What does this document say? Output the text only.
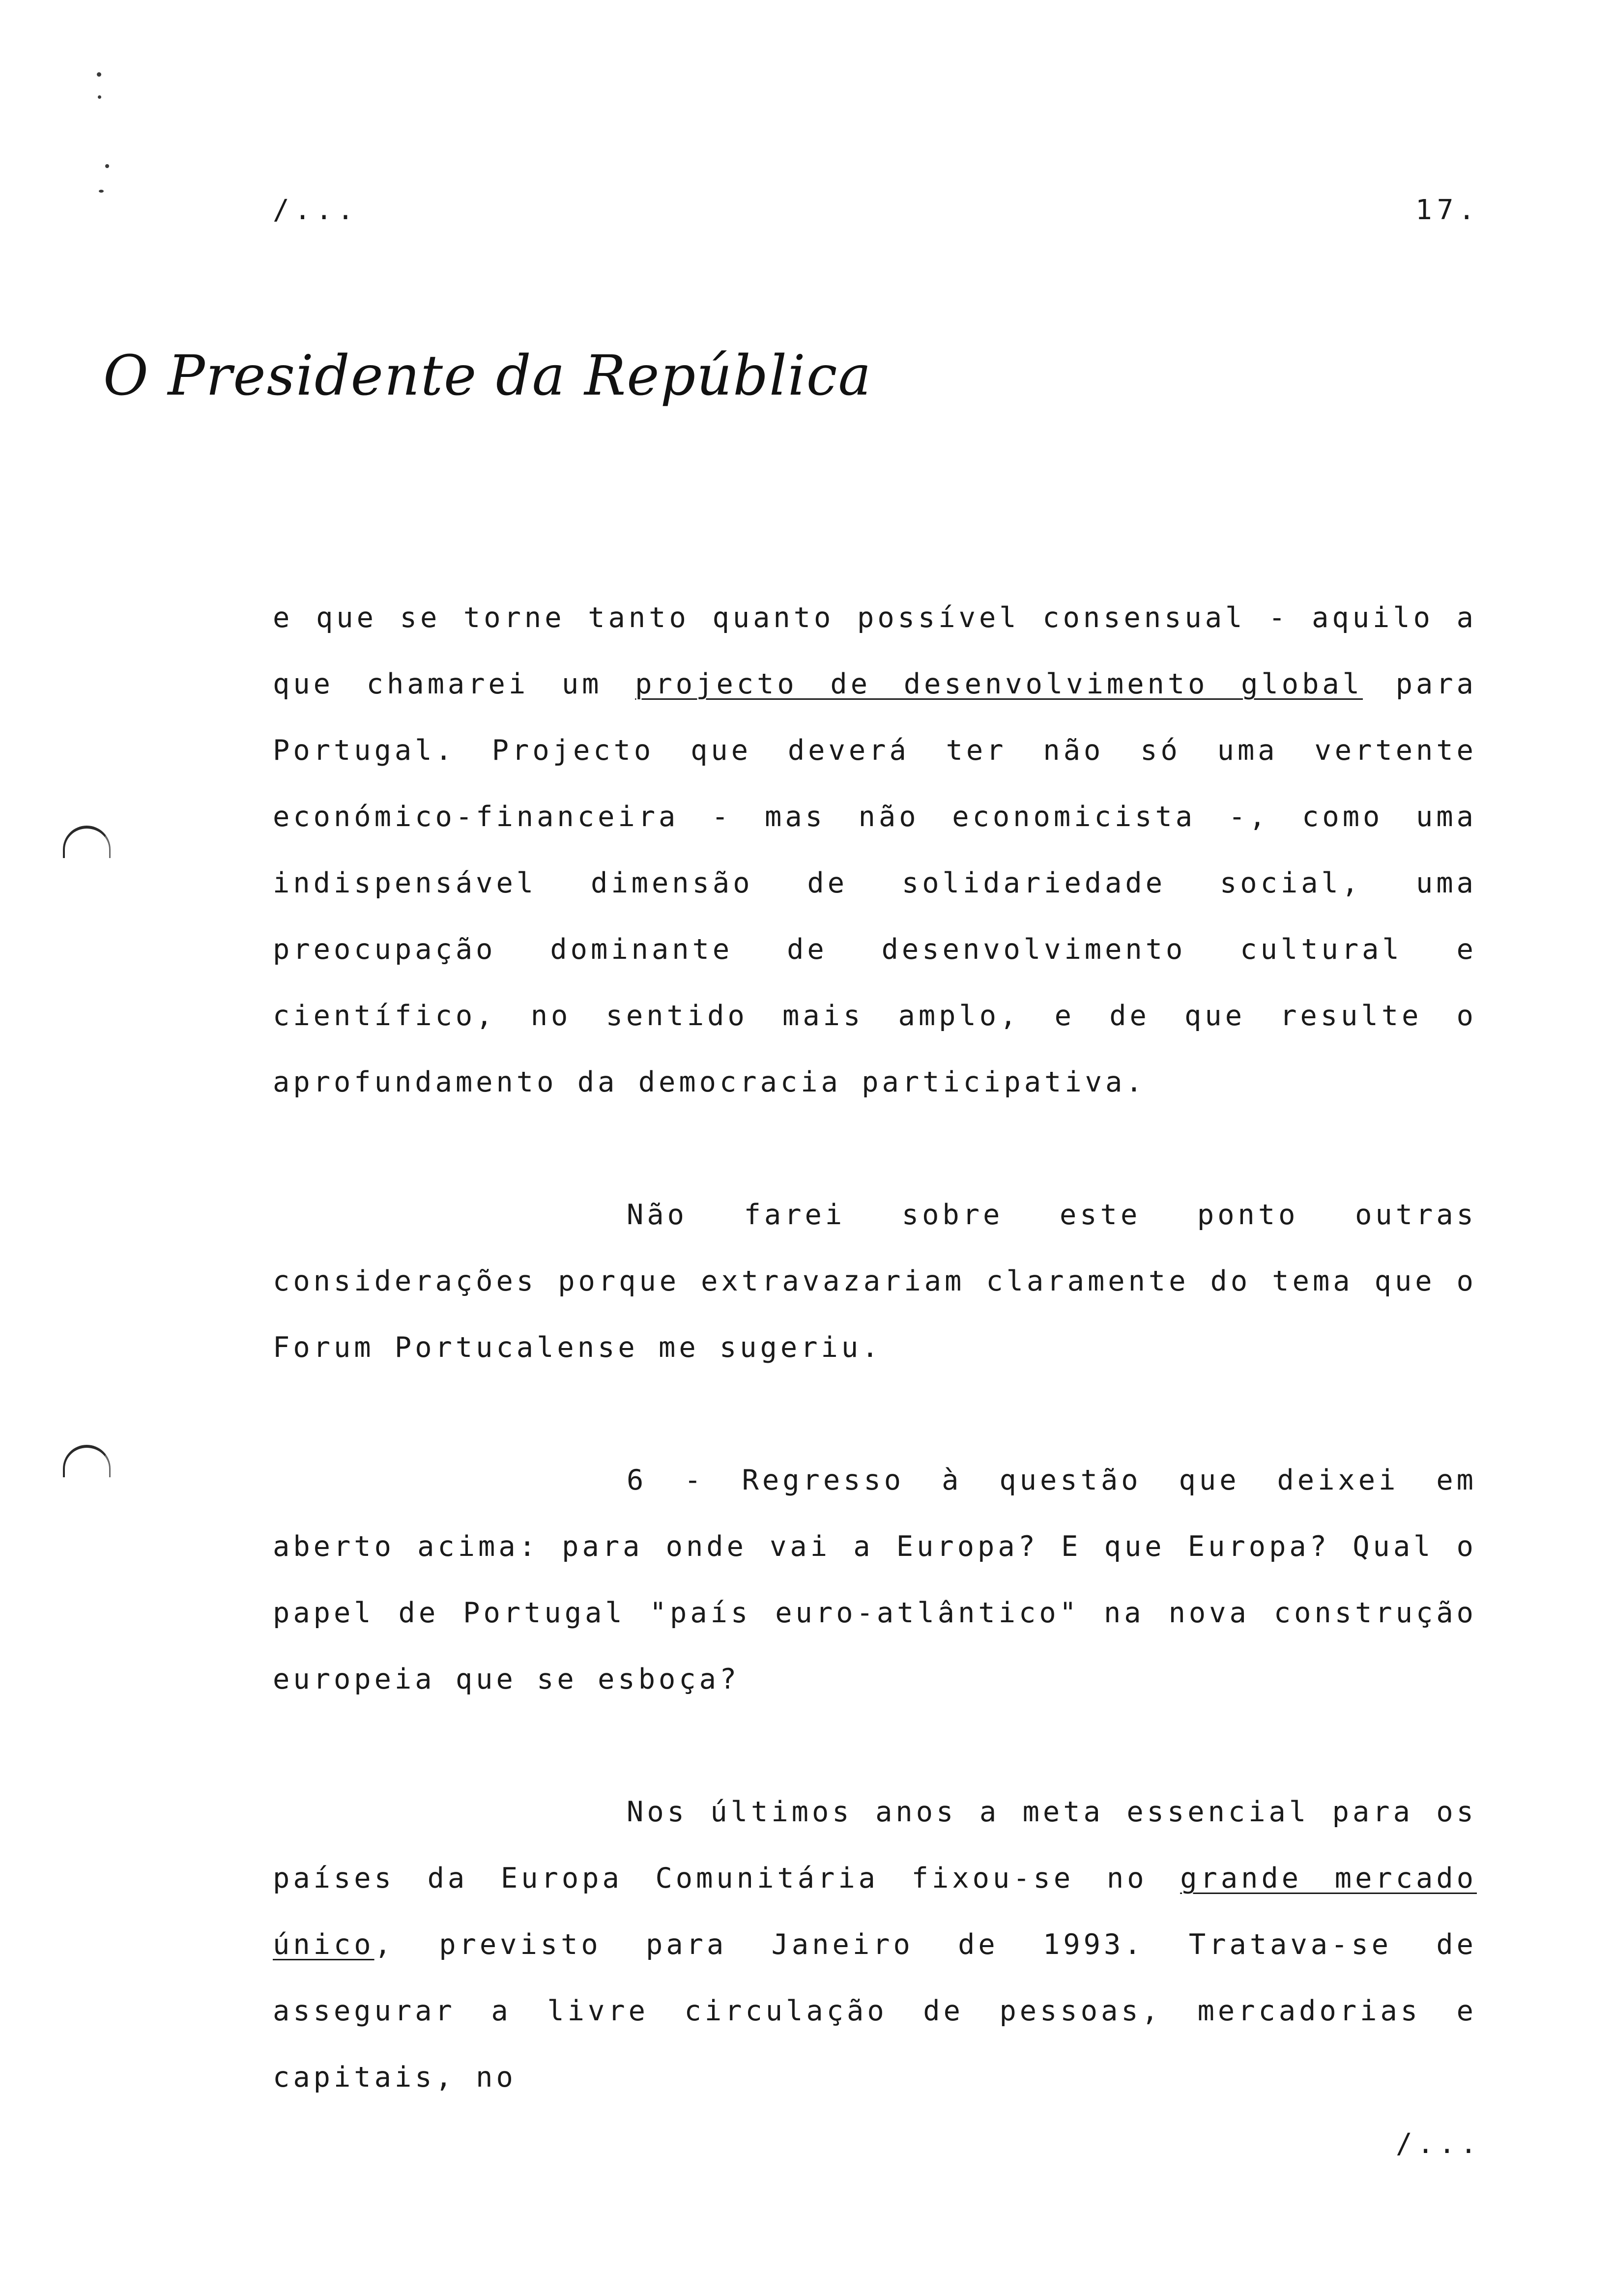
/...	17.
O Presidente da República

e que se torne tanto quanto possível consensual - aquilo a que chamarei um projecto de desenvolvimento global para Portugal. Projecto que deverá ter não só uma vertente económico-financeira - mas não economicista -, como uma indispensável dimensão de solidariedade social, uma preocupação dominante de desenvolvimento cultural e científico, no sentido mais amplo, e de que resulte o aprofundamento da democracia participativa.

Não farei sobre este ponto outras considerações porque extravazariam claramente do tema que o Forum Portucalense me sugeriu.

6 - Regresso à questão que deixei em aberto acima: para onde vai a Europa? E que Europa? Qual o papel de Portugal "país euro-atlântico" na nova construção europeia que se esboça?

Nos últimos anos a meta essencial para os países da Europa Comunitária fixou-se no grande mercado único, previsto para Janeiro de 1993. Tratava-se de assegurar a livre circulação de pessoas, mercadorias e capitais, no

/...
